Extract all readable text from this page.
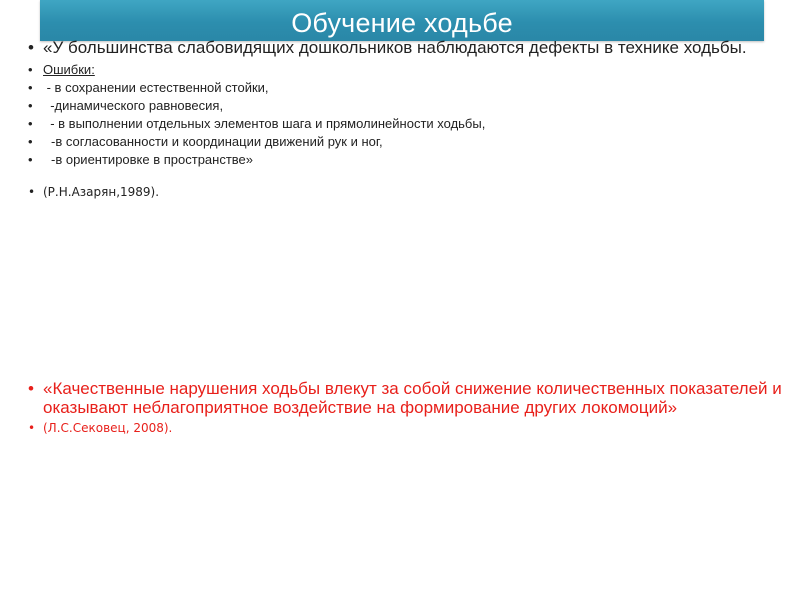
Обучение ходьбе
• «У большинства слабовидящих дошкольников наблюдаются дефекты в технике ходьбы.
• Ошибки:
• - в сохранении естественной стойки,
• -динамического равновесия,
• - в выполнении отдельных элементов шага и прямолинейности ходьбы,
• -в согласованности и координации движений рук и ног,
• -в ориентировке в пространстве»
• (Р.Н.Азарян,1989).
• «Качественные нарушения ходьбы влекут за собой снижение количественных показателей и оказывают неблагоприятное воздействие на формирование других локомоций»
• (Л.С.Сековец, 2008).
